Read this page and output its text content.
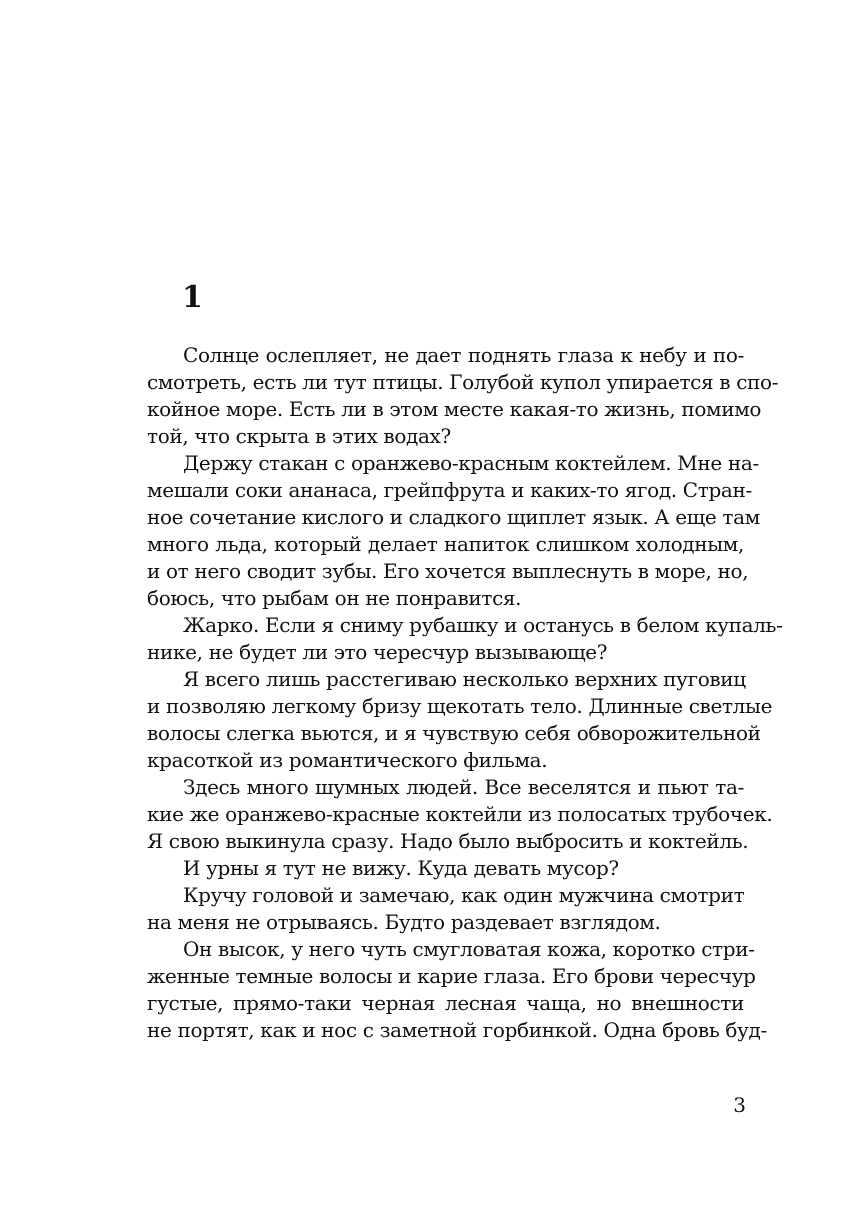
1

Солнце ослепляет, не дает поднять глаза к небу и по-
смотреть, есть ли тут птицы. Голубой купол упирается в спо-
койное море. Есть ли в этом месте какая-то жизнь, помимо
той, что скрыта в этих водах?

Держу стакан с оранжево-красным коктейлем. Мне на-
мешали соки ананаса, грейпфрута и каких-то ягод. Стран-
ное сочетание кислого и сладкого щиплет язык. А еще там
много льда, который делает напиток слишком холодным,
и от него сводит зубы. Его хочется выплеснуть в море, но,
боюсь, что рыбам он не понравится.

Жарко. Если я сниму рубашку и останусь в белом купаль-
нике, не будет ли это чересчур вызывающе?

Я всего лишь расстегиваю несколько верхних пуговиц
и позволяю легкому бризу щекотать тело. Длинные светлые
волосы слегка вьются, и я чувствую себя обворожительной
красоткой из романтического фильма.

Здесь много шумных людей. Все веселятся и пьют та-
кие же оранжево-красные коктейли из полосатых трубочек.
Я свою выкинула сразу. Надо было выбросить и коктейль.

И урны я тут не вижу. Куда девать мусор?

Кручу головой и замечаю, как один мужчина смотрит
на меня не отрываясь. Будто раздевает взглядом.

Он высок, у него чуть смугловатая кожа, коротко стри-
женные темные волосы и карие глаза. Его брови чересчур
густые, прямо-таки черная лесная чаща, но внешности
не портят, как и нос с заметной горбинкой. Одна бровь буд-

3
